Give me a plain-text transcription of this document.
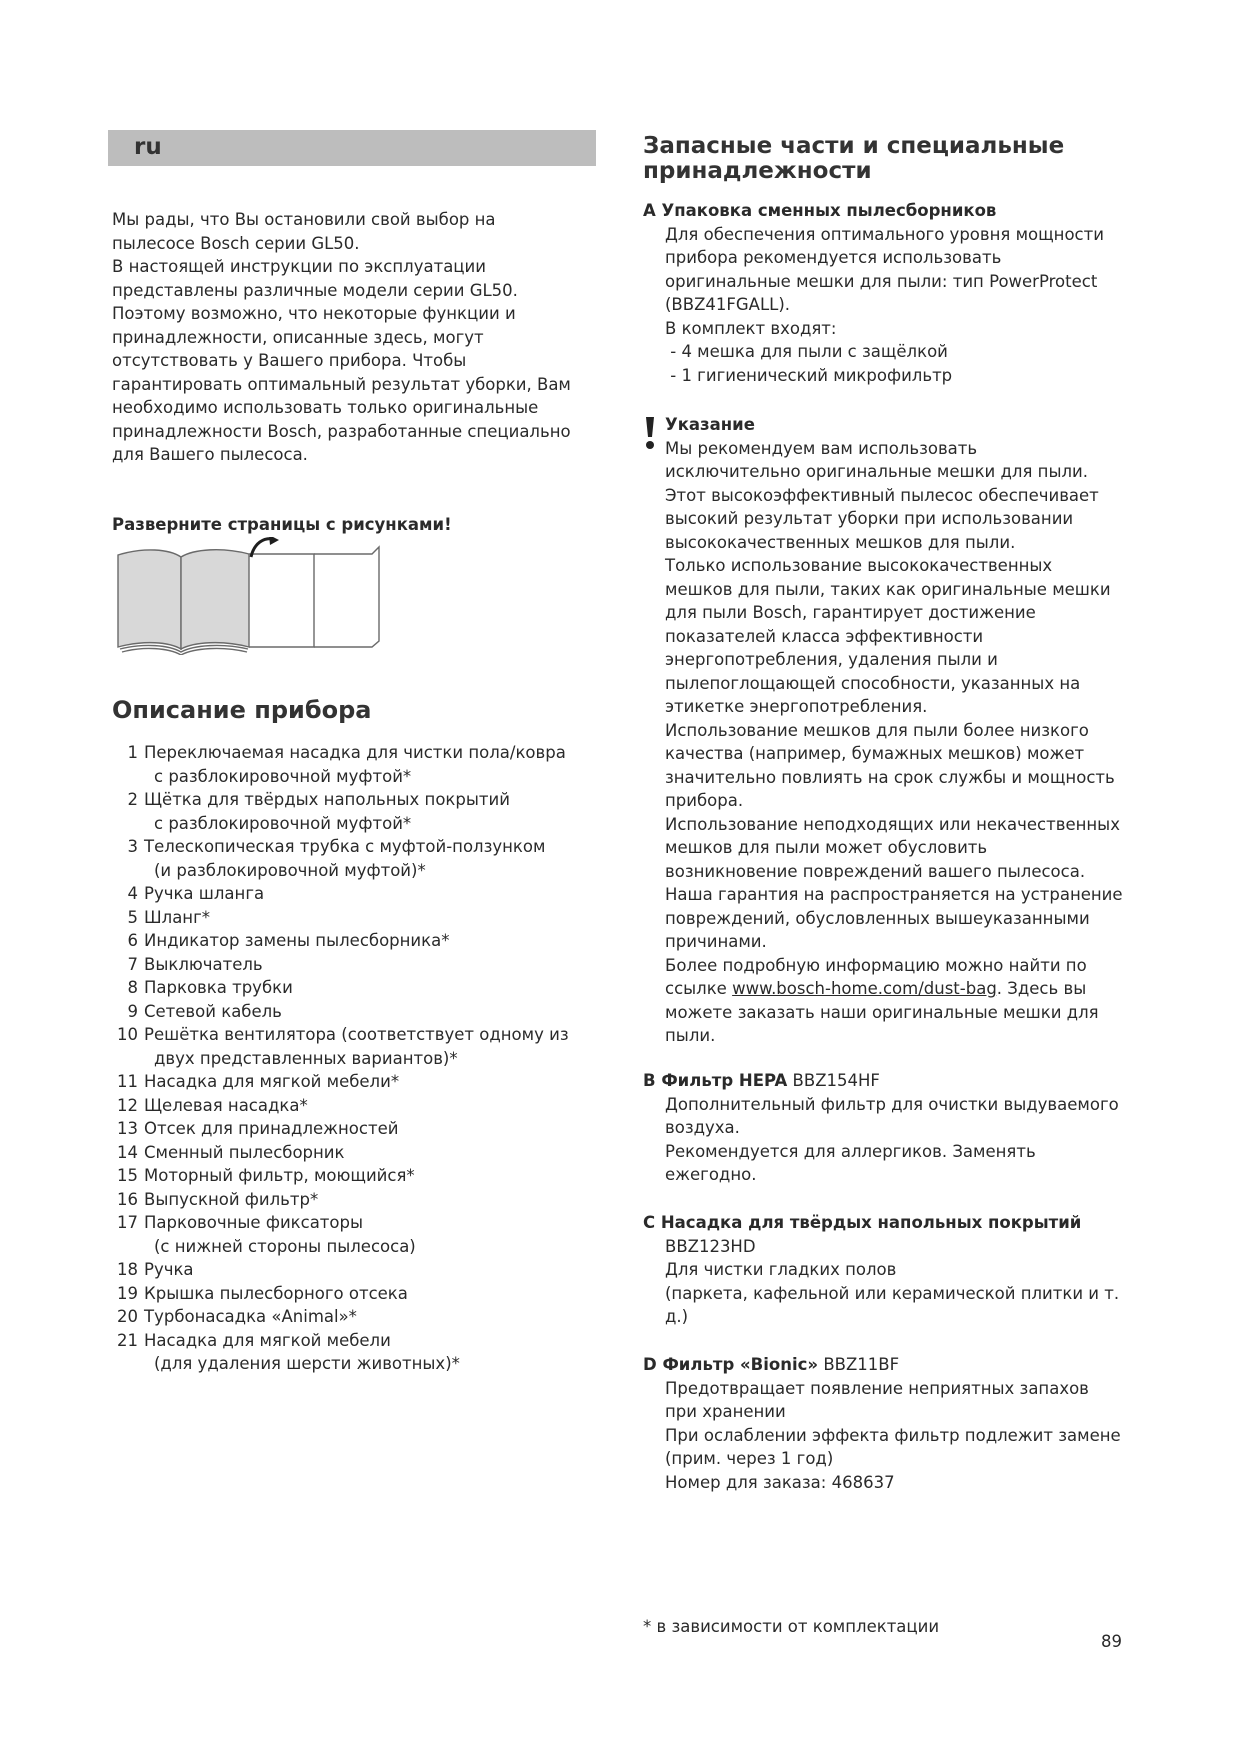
ru

Мы рады, что Вы остановили свой выбор на

пылесосе Bosch серии GL50.

В настоящей инструкции по эксплуатации

представлены различные модели серии GL50.

Поэтому возможно, что некоторые функции и

принадлежности, описанные здесь, могут

отсутствовать у Вашего прибора. Чтобы

гарантировать оптимальный результат уборки, Вам

необходимо использовать только оригинальные

принадлежности Bosch, разработанные специально

для Вашего пылесоса.

Разверните страницы с рисунками!
Описание прибора
1 Переключаемая насадка для чистки пола/ковра
с разблокировочной муфтой*
2 Щётка для твёрдых напольных покрытий
с разблокировочной муфтой*
3 Телескопическая трубка с муфтой-ползунком
(и разблокировочной муфтой)*
4 Ручка шланга
5 Шланг*
6 Индикатор замены пылесборника*
7 Выключатель
8 Парковка трубки
9 Сетевой кабель
10 Решётка вентилятора (соответствует одному из
двух представленных вариантов)*
11 Насадка для мягкой мебели*
12 Щелевая насадка*
13 Отсек для принадлежностей
14 Сменный пылесборник
15 Моторный фильтр, моющийся*
16 Выпускной фильтр*
17 Парковочные фиксаторы
(с нижней стороны пылесоса)
18 Ручка
19 Крышка пылесборного отсека
20 Турбонасадка «Animal»*
21 Насадка для мягкой мебели
(для удаления шерсти животных)*
Запасные части и специальные
принадлежности

A Упаковка сменных пылесборников

Для обеспечения оптимального уровня мощности

прибора рекомендуется использовать

оригинальные мешки для пыли: тип PowerProtect

(BBZ41FGALL).

В комплект входят:

- 4 мешка для пыли с защёлкой

- 1 гигиенический микрофильтр

Указание

Мы рекомендуем вам использовать

исключительно оригинальные мешки для пыли.

Этот высокоэффективный пылесос обеспечивает

высокий результат уборки при использовании

высококачественных мешков для пыли.

Только использование высококачественных

мешков для пыли, таких как оригинальные мешки

для пыли Bosch, гарантирует достижение

показателей класса эффективности

энергопотребления, удаления пыли и

пылепоглощающей способности, указанных на

этикетке энергопотребления.

Использование мешков для пыли более низкого

качества (например, бумажных мешков) может

значительно повлиять на срок службы и мощность

прибора.

Использование неподходящих или некачественных

мешков для пыли может обусловить

возникновение повреждений вашего пылесоса.

Наша гарантия на распространяется на устранение

повреждений, обусловленных вышеуказанными

причинами.

Более подробную информацию можно найти по

ссылке www.bosch-home.com/dust-bag. Здесь вы

можете заказать наши оригинальные мешки для

пыли.

B Фильтр HEPA BBZ154HF

Дополнительный фильтр для очистки выдуваемого

воздуха.

Рекомендуется для аллергиков. Заменять

ежегодно.

C Насадка для твёрдых напольных покрытий

BBZ123HD

Для чистки гладких полов

(паркета, кафельной или керамической плитки и т.

д.)

D Фильтр «Bionic» BBZ11BF

Предотвращает появление неприятных запахов

при хранении

При ослаблении эффекта фильтр подлежит замене

(прим. через 1 год)

Номер для заказа: 468637

* в зависимости от комплектации
89
